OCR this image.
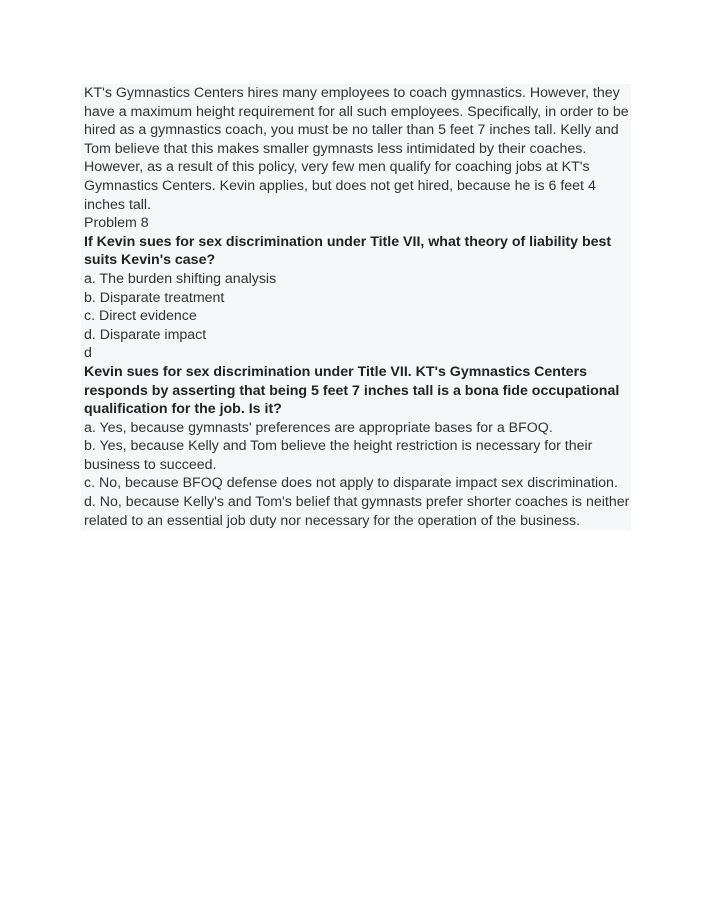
KT's Gymnastics Centers hires many employees to coach gymnastics. However, they

have a maximum height requirement for all such employees. Specifically, in order to be

hired as a gymnastics coach, you must be no taller than 5 feet 7 inches tall. Kelly and

Tom believe that this makes smaller gymnasts less intimidated by their coaches.

However, as a result of this policy, very few men qualify for coaching jobs at KT's

Gymnastics Centers. Kevin applies, but does not get hired, because he is 6 feet 4

inches tall.

Problem 8

If Kevin sues for sex discrimination under Title VII, what theory of liability best

suits Kevin's case?

a. The burden shifting analysis

b. Disparate treatment

c. Direct evidence

d. Disparate impact

d

Kevin sues for sex discrimination under Title VII. KT's Gymnastics Centers

responds by asserting that being 5 feet 7 inches tall is a bona fide occupational

qualification for the job. Is it?

a. Yes, because gymnasts' preferences are appropriate bases for a BFOQ.

b. Yes, because Kelly and Tom believe the height restriction is necessary for their

business to succeed.

c. No, because BFOQ defense does not apply to disparate impact sex discrimination.

d. No, because Kelly's and Tom's belief that gymnasts prefer shorter coaches is neither

related to an essential job duty nor necessary for the operation of the business.
